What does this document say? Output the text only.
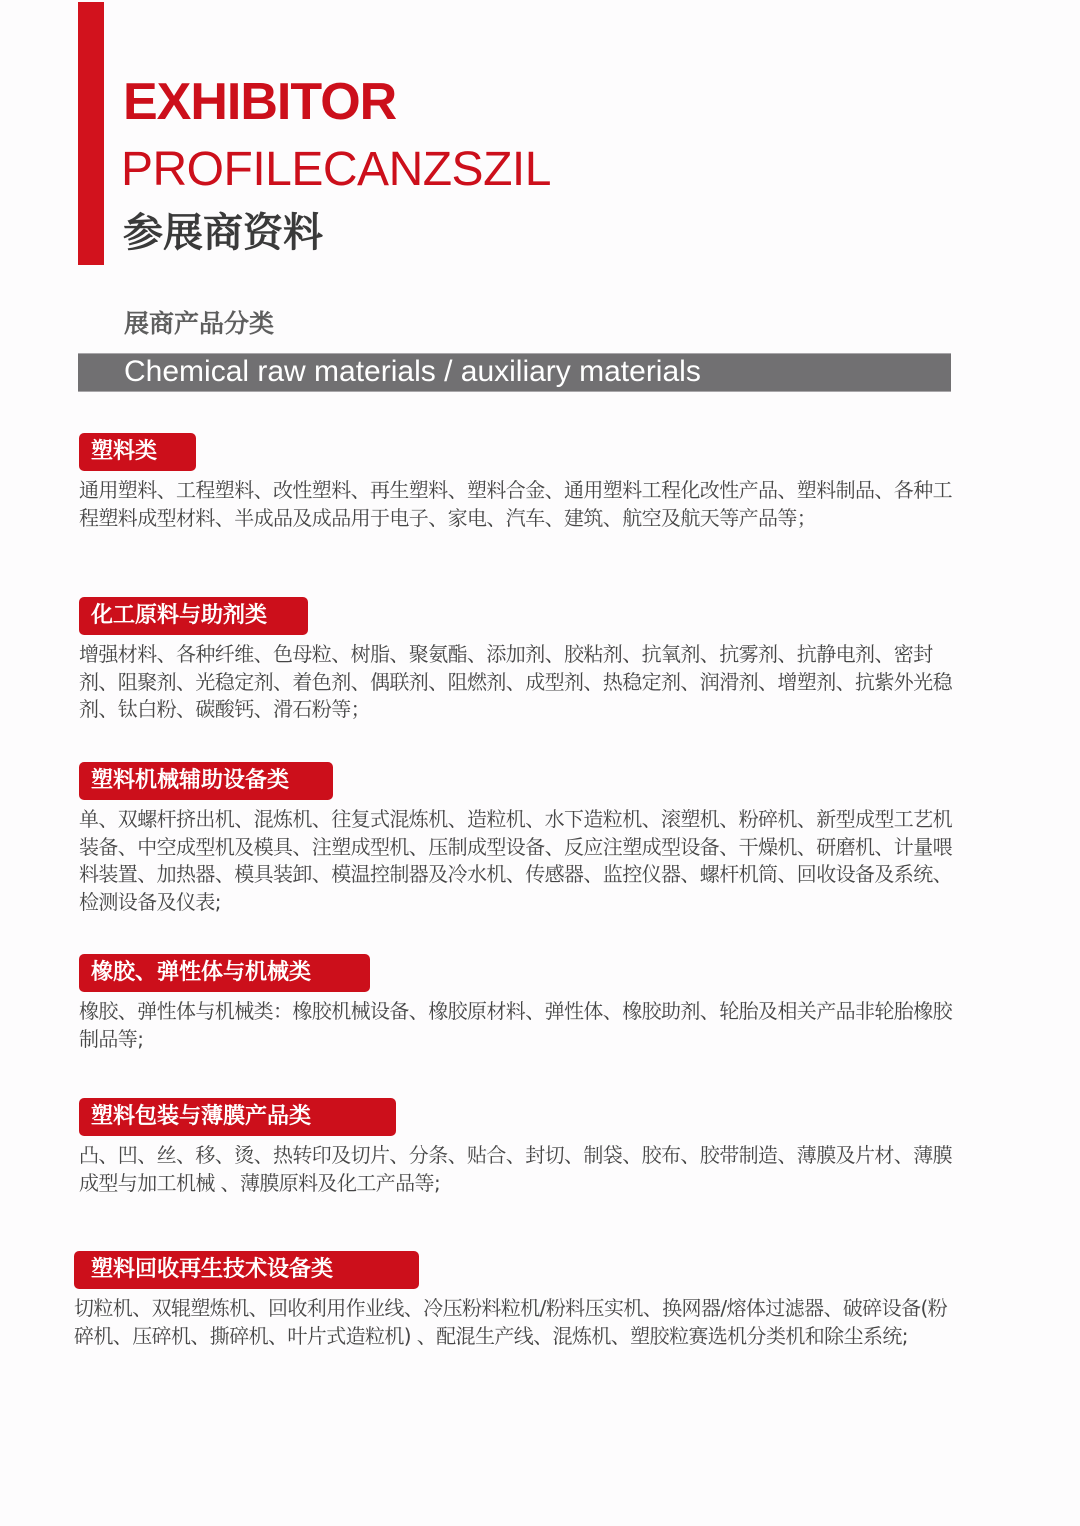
EXHIBITOR
PROFILECANZSZIL
参展商资料
展商产品分类
Chemical raw materials / auxiliary materials
塑料类
通用塑料、工程塑料、改性塑料、再生塑料、塑料合金、通用塑料工程化改性产品、塑料制品、各种工程塑料成型材料、半成品及成品用于电子、家电、汽车、建筑、航空及航天等产品等；
化工原料与助剂类
增强材料、各种纤维、色母粒、树脂、聚氨酯、添加剂、胶粘剂、抗氧剂、抗雾剂、抗静电剂、密封剂、阻聚剂、光稳定剂、着色剂、偶联剂、阻燃剂、成型剂、热稳定剂、润滑剂、增塑剂、抗紫外光稳剂、钛白粉、碳酸钙、滑石粉等；
塑料机械辅助设备类
单、双螺杆挤出机、混炼机、往复式混炼机、造粒机、水下造粒机、滚塑机、粉碎机、新型成型工艺机装备、中空成型机及模具、注塑成型机、压制成型设备、反应注塑成型设备、干燥机、研磨机、计量喂料装置、加热器、模具装卸、模温控制器及冷水机、传感器、监控仪器、螺杆机筒、回收设备及系统、检测设备及仪表;
橡胶、弹性体与机械类
橡胶、弹性体与机械类：橡胶机械设备、橡胶原材料、弹性体、橡胶助剂、轮胎及相关产品非轮胎橡胶制品等;
塑料包装与薄膜产品类
凸、凹、丝、移、烫、热转印及切片、分条、贴合、封切、制袋、胶布、胶带制造、薄膜及片材、薄膜成型与加工机械 、薄膜原料及化工产品等;
塑料回收再生技术设备类
切粒机、双辊塑炼机、回收利用作业线、冷压粉料粒机/粉料压实机、换网器/熔体过滤器、破碎设备(粉碎机、压碎机、撕碎机、叶片式造粒机) 、配混生产线、混炼机、塑胶粒赛选机分类机和除尘系统;
